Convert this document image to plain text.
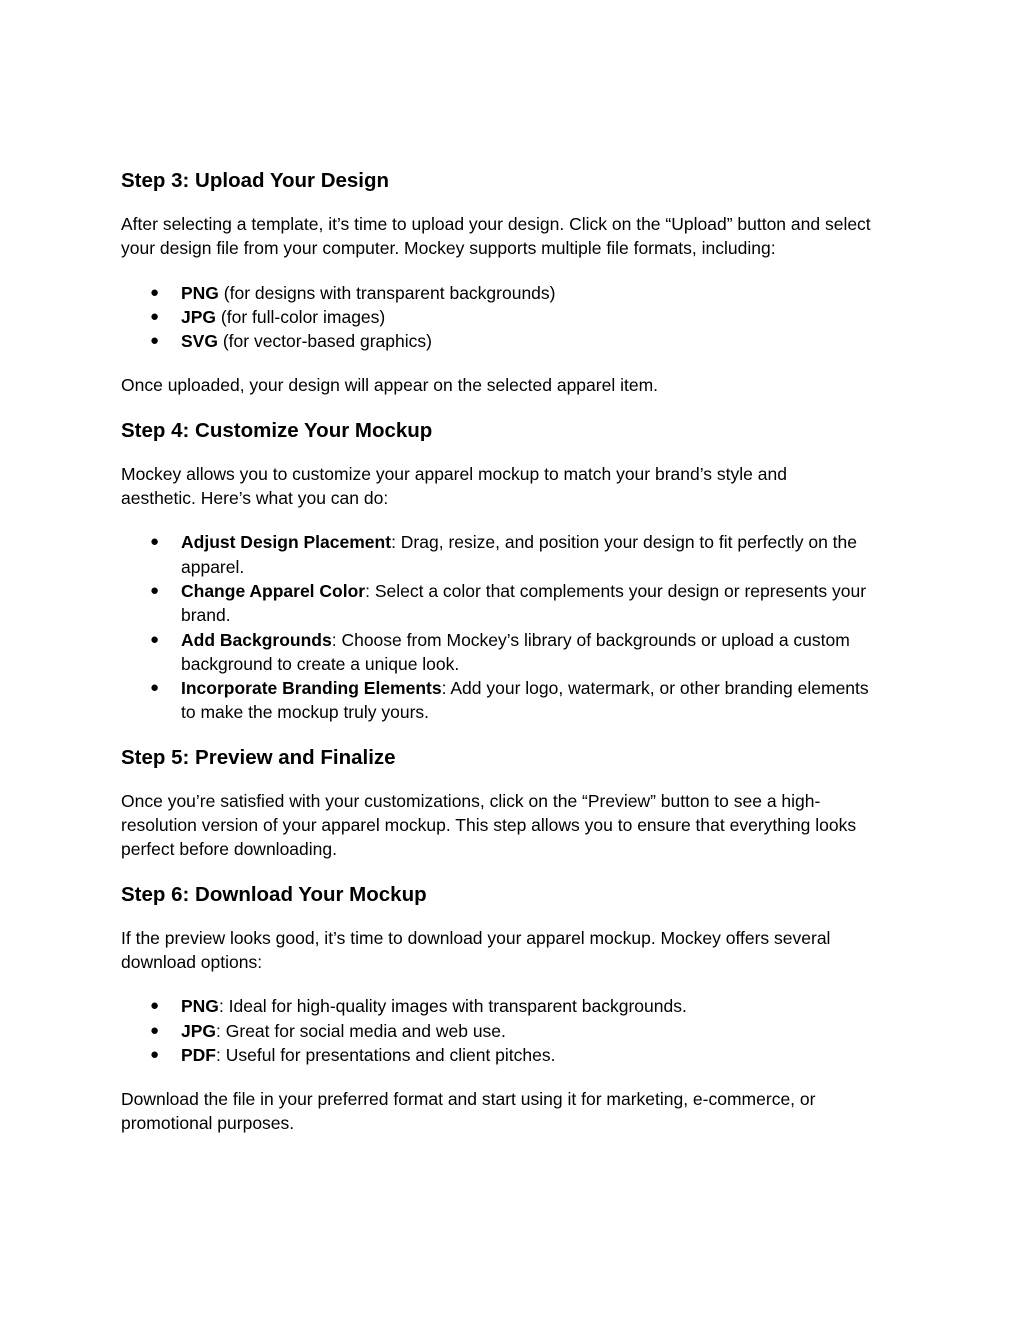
Step 3: Upload Your Design

After selecting a template, it’s time to upload your design. Click on the “Upload” button and select your design file from your computer. Mockey supports multiple file formats, including:

● PNG (for designs with transparent backgrounds)
● JPG (for full-color images)
● SVG (for vector-based graphics)

Once uploaded, your design will appear on the selected apparel item.

Step 4: Customize Your Mockup

Mockey allows you to customize your apparel mockup to match your brand’s style and aesthetic. Here’s what you can do:

● Adjust Design Placement: Drag, resize, and position your design to fit perfectly on the apparel.
● Change Apparel Color: Select a color that complements your design or represents your brand.
● Add Backgrounds: Choose from Mockey’s library of backgrounds or upload a custom background to create a unique look.
● Incorporate Branding Elements: Add your logo, watermark, or other branding elements to make the mockup truly yours.
Step 5: Preview and Finalize

Once you’re satisfied with your customizations, click on the “Preview” button to see a high-resolution version of your apparel mockup. This step allows you to ensure that everything looks perfect before downloading.

Step 6: Download Your Mockup

If the preview looks good, it’s time to download your apparel mockup. Mockey offers several download options:

● PNG: Ideal for high-quality images with transparent backgrounds.
● JPG: Great for social media and web use.
● PDF: Useful for presentations and client pitches.

Download the file in your preferred format and start using it for marketing, e-commerce, or promotional purposes.
